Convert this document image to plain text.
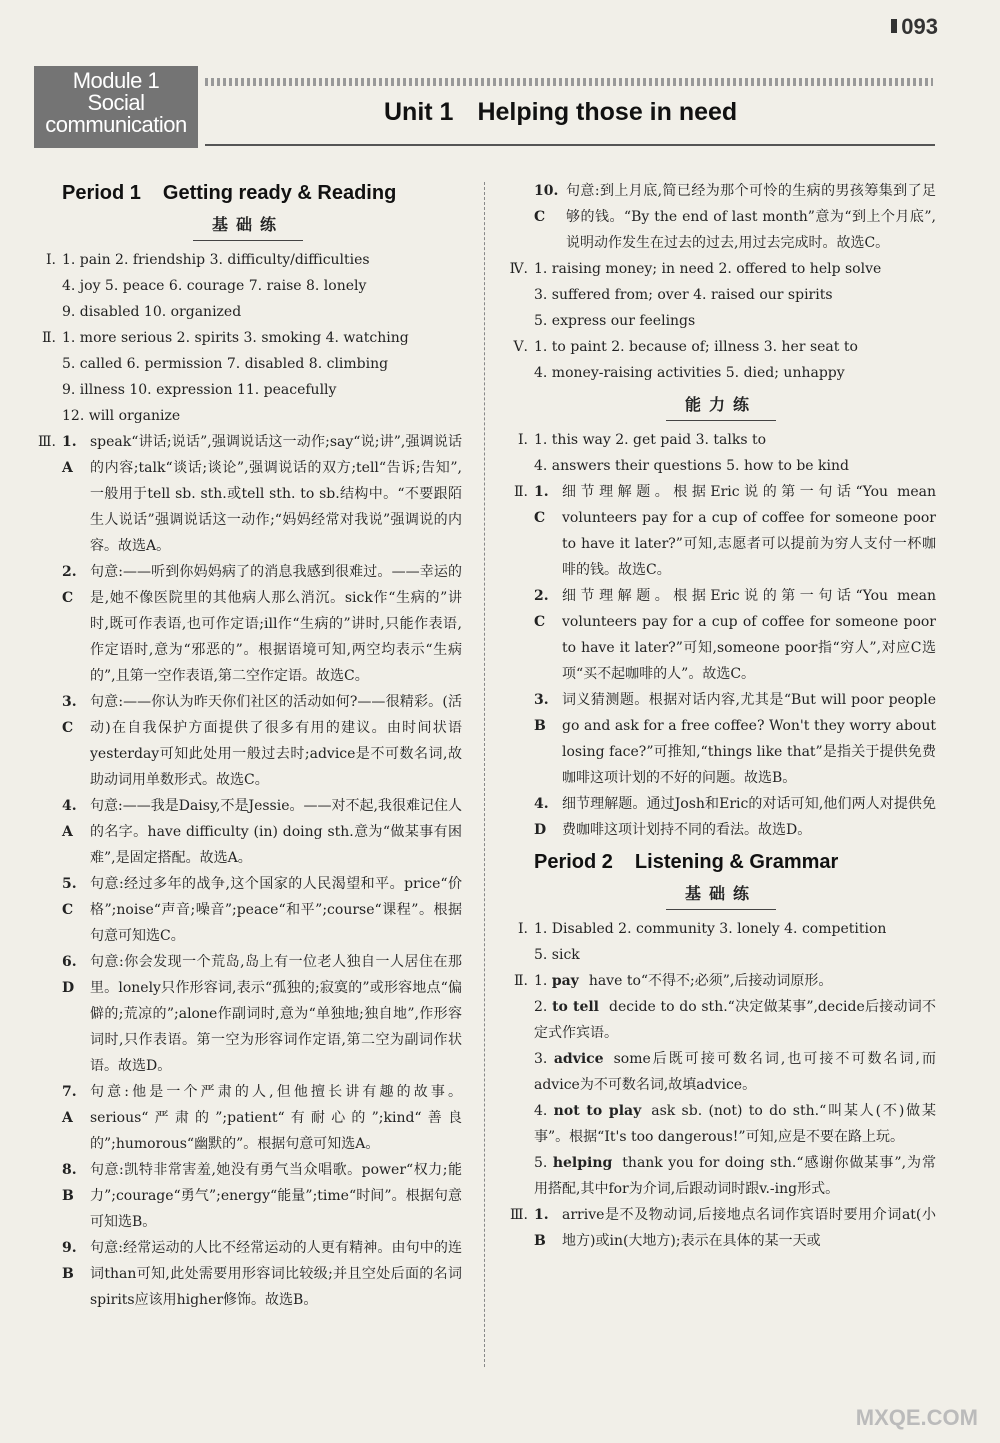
093
Module 1
Social
communication	Unit 1 Helping those in need
Period 1 Getting ready & Reading
基础练
Ⅰ. 1. pain 2. friendship 3. difficulty/difficulties
4. joy 5. peace 6. courage 7. raise 8. lonely
9. disabled 10. organized
Ⅱ. 1. more serious 2. spirits 3. smoking 4. watching
5. called 6. permission 7. disabled 8. climbing
9. illness 10. expression 11. peacefully
12. will organize
Ⅲ. 1. A
speak“讲话;说话”,强调说话这一动作;say“说;讲”,强调说话的内容;talk“谈话;谈论”,强调说话的双方;tell“告诉;告知”,一般用于tell sb. sth.或tell sth. to sb.结构中。“不要跟陌生人说话”强调说话这一动作;“妈妈经常对我说”强调说的内容。故选A。
2. C
句意:——听到你妈妈病了的消息我感到很难过。——幸运的是,她不像医院里的其他病人那么消沉。sick作“生病的”讲时,既可作表语,也可作定语;ill作“生病的”讲时,只能作表语,作定语时,意为“邪恶的”。根据语境可知,两空均表示“生病的”,且第一空作表语,第二空作定语。故选C。
3. C
句意:——你认为昨天你们社区的活动如何?——很精彩。(活动)在自我保护方面提供了很多有用的建议。由时间状语yesterday可知此处用一般过去时;advice是不可数名词,故助动词用单数形式。故选C。
4. A
句意:——我是Daisy,不是Jessie。——对不起,我很难记住人的名字。have difficulty (in) doing sth.意为“做某事有困难”,是固定搭配。故选A。
5. C
句意:经过多年的战争,这个国家的人民渴望和平。price“价格”;noise“声音;噪音”;peace“和平”;course“课程”。根据句意可知选C。
6. D
句意:你会发现一个荒岛,岛上有一位老人独自一人居住在那里。lonely只作形容词,表示“孤独的;寂寞的”或形容地点“偏僻的;荒凉的”;alone作副词时,意为“单独地;独自地”,作形容词时,只作表语。第一空为形容词作定语,第二空为副词作状语。故选D。
7. A
句意:他是一个严肃的人,但他擅长讲有趣的故事。serious“严肃的”;patient“有耐心的”;kind“善良的”;humorous“幽默的”。根据句意可知选A。
8. B
句意:凯特非常害羞,她没有勇气当众唱歌。power“权力;能力”;courage“勇气”;energy“能量”;time“时间”。根据句意可知选B。
9. B
句意:经常运动的人比不经常运动的人更有精神。由句中的连词than可知,此处需要用形容词比较级;并且空处后面的名词spirits应该用higher修饰。故选B。
10. C
句意:到上月底,简已经为那个可怜的生病的男孩筹集到了足够的钱。“By the end of last month”意为“到上个月底”,说明动作发生在过去的过去,用过去完成时。故选C。
Ⅳ. 1. raising money; in need 2. offered to help solve
3. suffered from; over 4. raised our spirits
5. express our feelings
Ⅴ. 1. to paint 2. because of; illness 3. her seat to
4. money-raising activities 5. died; unhappy
能力练
Ⅰ. 1. this way 2. get paid 3. talks to
4. answers their questions 5. how to be kind
Ⅱ. 1. C
细节理解题。根据Eric说的第一句话“You mean volunteers pay for a cup of coffee for someone poor to have it later?”可知,志愿者可以提前为穷人支付一杯咖啡的钱。故选C。
2. C
细节理解题。根据Eric说的第一句话“You mean volunteers pay for a cup of coffee for someone poor to have it later?”可知,someone poor指“穷人”,对应C选项“买不起咖啡的人”。故选C。
3. B
词义猜测题。根据对话内容,尤其是“But will poor people go and ask for a free coffee? Won't they worry about losing face?”可推知,“things like that”是指关于提供免费咖啡这项计划的不好的问题。故选B。
4. D
细节理解题。通过Josh和Eric的对话可知,他们两人对提供免费咖啡这项计划持不同的看法。故选D。
Period 2 Listening & Grammar
基础练
Ⅰ. 1. Disabled 2. community 3. lonely 4. competition
5. sick
Ⅱ. 1. pay have to“不得不;必须”,后接动词原形。
2. to tell decide to do sth.“决定做某事”,decide后接动词不定式作宾语。
3. advice some后既可接可数名词,也可接不可数名词,而advice为不可数名词,故填advice。
4. not to play ask sb. (not) to do sth.“叫某人(不)做某事”。根据“It's too dangerous!”可知,应是不要在路上玩。
5. helping thank you for doing sth.“感谢你做某事”,为常用搭配,其中for为介词,后跟动词时跟v.-ing形式。
Ⅲ. 1. B
arrive是不及物动词,后接地点名词作宾语时要用介词at(小地方)或in(大地方);表示在具体的某一天或
MXQE.COM
